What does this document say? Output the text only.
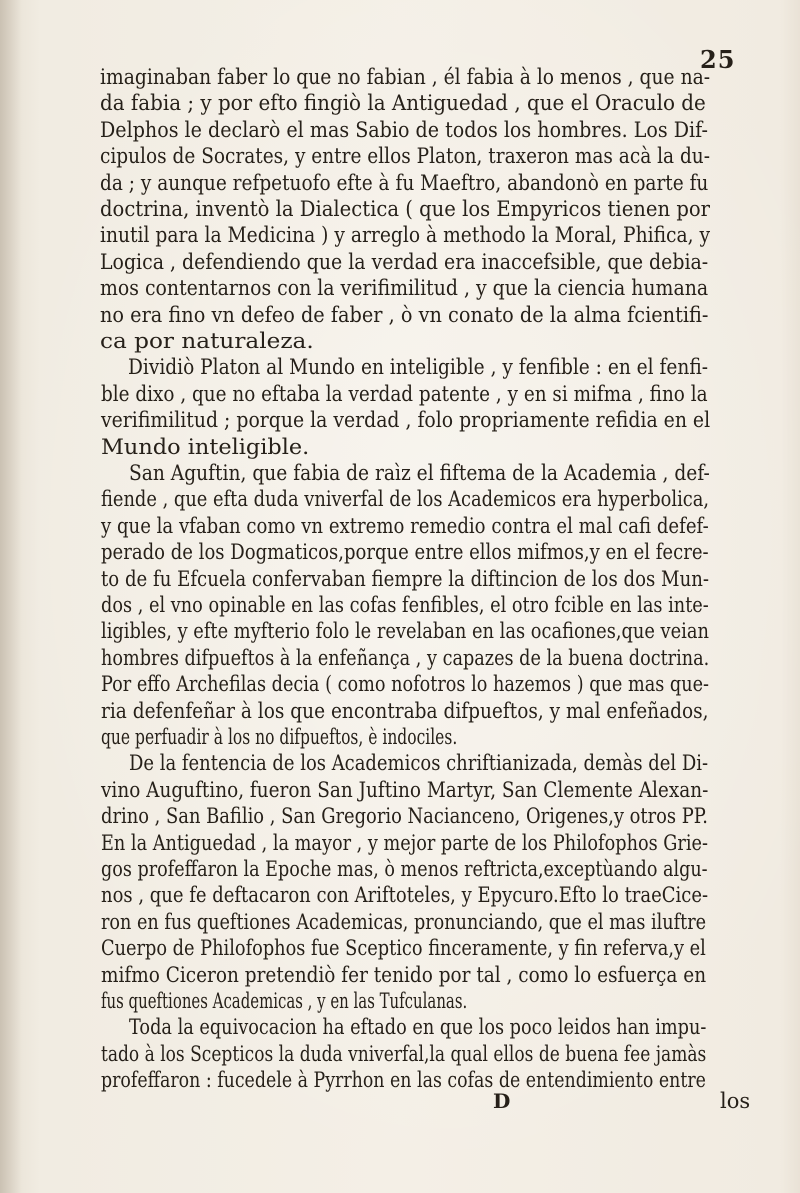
25
imaginaban faber lo que no fabian , él fabia à lo menos , que na-
da fabia ; y por efto fingiò la Antiguedad , que el Oraculo de
Delphos le declarò el mas Sabio de todos los hombres. Los Dif-
cipulos de Socrates, y entre ellos Platon, traxeron mas acà la du-
da ; y aunque refpetuofo efte à fu Maeftro, abandonò en parte fu
doctrina, inventò la Dialectica ( que los Empyricos tienen por
inutil para la Medicina ) y arreglo à methodo la Moral, Phifica, y
Logica , defendiendo que la verdad era inaccefsible, que debia-
mos contentarnos con la verifimilitud , y que la ciencia humana
no era fino vn defeo de faber , ò vn conato de la alma fcientifi-
ca por naturaleza.
Dividiò Platon al Mundo en inteligible , y fenfible : en el fenfi-
ble dixo , que no eftaba la verdad patente , y en si mifma , fino la
verifimilitud ; porque la verdad , folo propriamente refidia en el
Mundo inteligible.
San Aguftin, que fabia de raìz el fiftema de la Academia , def-
fiende , que efta duda vniverfal de los Academicos era hyperbolica,
y que la vfaban como vn extremo remedio contra el mal cafi defef-
perado de los Dogmaticos,porque entre ellos mifmos,y en el fecre-
to de fu Efcuela confervaban fiempre la diftincion de los dos Mun-
dos , el vno opinable en las cofas fenfibles, el otro fcible en las inte-
ligibles, y efte myfterio folo le revelaban en las ocafiones,que veian
hombres difpueftos à la enfeñança , y capazes de la buena doctrina.
Por effo Archefilas decia ( como nofotros lo hazemos ) que mas que-
ria defenfeñar à los que encontraba difpueftos, y mal enfeñados,
que perfuadir à los no difpueftos, è indociles.
De la fentencia de los Academicos chriftianizada, demàs del Di-
vino Auguftino, fueron San Juftino Martyr, San Clemente Alexan-
drino , San Bafilio , San Gregorio Nacianceno, Origenes,y otros PP.
En la Antiguedad , la mayor , y mejor parte de los Philofophos Grie-
gos profeffaron la Epoche mas, ò menos reftricta,exceptùando algu-
nos , que fe deftacaron con Ariftoteles, y Epycuro.Efto lo traeCice-
ron en fus queftiones Academicas, pronunciando, que el mas iluftre
Cuerpo de Philofophos fue Sceptico finceramente, y fin referva,y el
mifmo Ciceron pretendiò fer tenido por tal , como lo esfuerça en
fus queftiones Academicas , y en las Tufculanas.
Toda la equivocacion ha eftado en que los poco leidos han impu-
tado à los Scepticos la duda vniverfal,la qual ellos de buena fee jamàs
profeffaron : fucedele à Pyrrhon en las cofas de entendimiento entre
D	los
